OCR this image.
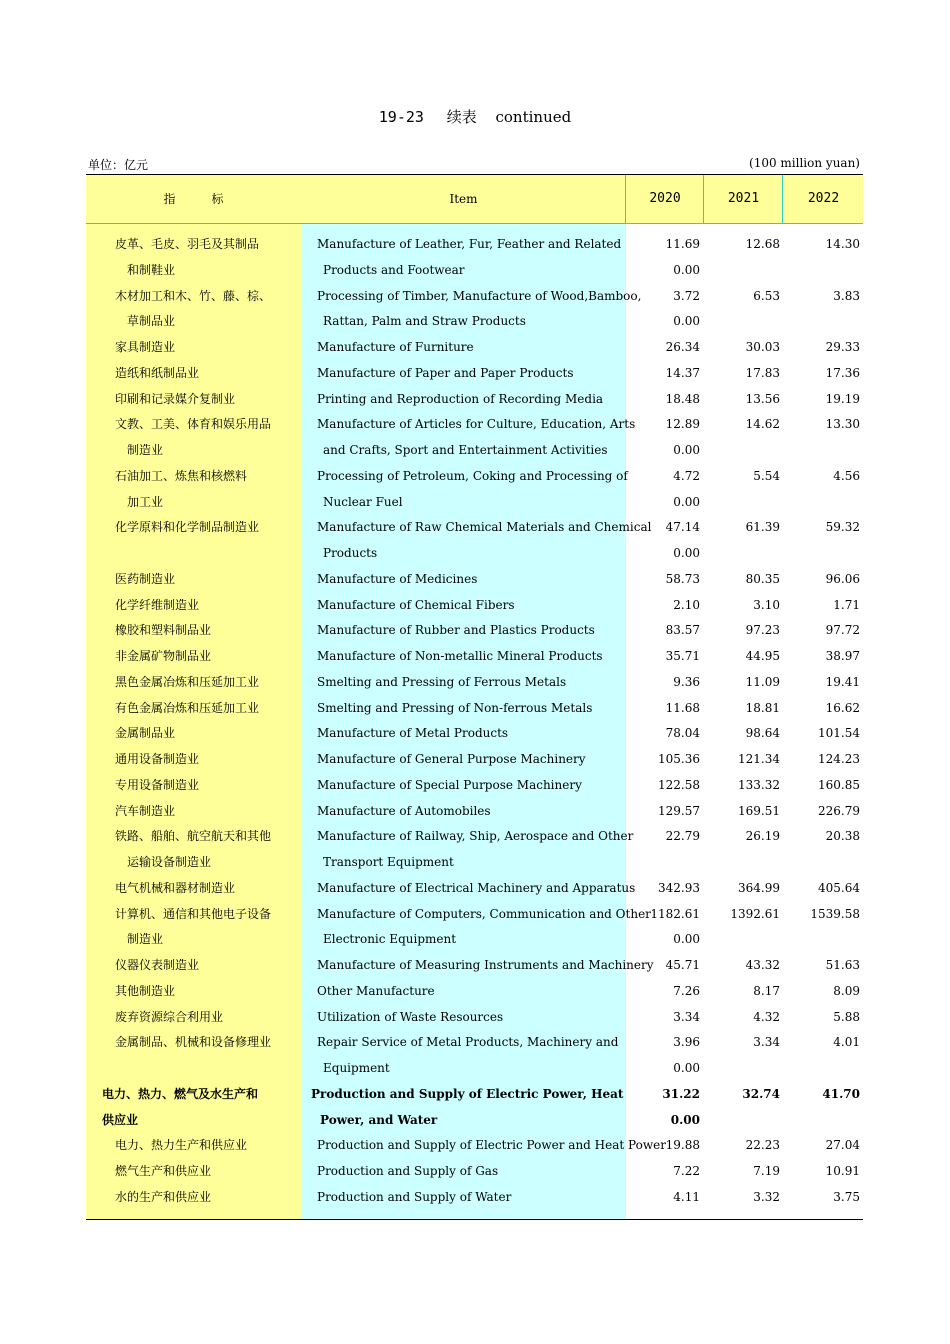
19-23 续表 continued
单位：亿元	(100 million yuan)
指　　　标	Item	2020	2021	2022
皮革、毛皮、羽毛及其制品	Manufacture of Leather, Fur, Feather and Related	11.69	12.68	14.30
和制鞋业	Products and Footwear	0.00
木材加工和木、竹、藤、棕、	Processing of Timber, Manufacture of Wood,Bamboo,	3.72	6.53	3.83
草制品业	Rattan, Palm and Straw Products	0.00
家具制造业	Manufacture of Furniture	26.34	30.03	29.33
造纸和纸制品业	Manufacture of Paper and Paper Products	14.37	17.83	17.36
印刷和记录媒介复制业	Printing and Reproduction of Recording Media	18.48	13.56	19.19
文教、工美、体育和娱乐用品	Manufacture of Articles for Culture, Education, Arts	12.89	14.62	13.30
制造业	and Crafts, Sport and Entertainment Activities	0.00
石油加工、炼焦和核燃料	Processing of Petroleum, Coking and Processing of	4.72	5.54	4.56
加工业	Nuclear Fuel	0.00
化学原料和化学制品制造业	Manufacture of Raw Chemical Materials and Chemical	47.14	61.39	59.32
Products	0.00
医药制造业	Manufacture of Medicines	58.73	80.35	96.06
化学纤维制造业	Manufacture of Chemical Fibers	2.10	3.10	1.71
橡胶和塑料制品业	Manufacture of Rubber and Plastics Products	83.57	97.23	97.72
非金属矿物制品业	Manufacture of Non-metallic Mineral Products	35.71	44.95	38.97
黑色金属冶炼和压延加工业	Smelting and Pressing of Ferrous Metals	9.36	11.09	19.41
有色金属冶炼和压延加工业	Smelting and Pressing of Non-ferrous Metals	11.68	18.81	16.62
金属制品业	Manufacture of Metal Products	78.04	98.64	101.54
通用设备制造业	Manufacture of General Purpose Machinery	105.36	121.34	124.23
专用设备制造业	Manufacture of Special Purpose Machinery	122.58	133.32	160.85
汽车制造业	Manufacture of Automobiles	129.57	169.51	226.79
铁路、船舶、航空航天和其他	Manufacture of Railway, Ship, Aerospace and Other	22.79	26.19	20.38
运输设备制造业	Transport Equipment
电气机械和器材制造业	Manufacture of Electrical Machinery and Apparatus	342.93	364.99	405.64
计算机、通信和其他电子设备	Manufacture of Computers, Communication and Other 1182.61	1392.61	1539.58
制造业	Electronic Equipment	0.00
仪器仪表制造业	Manufacture of Measuring Instruments and Machinery	45.71	43.32	51.63
其他制造业	Other Manufacture	7.26	8.17	8.09
废弃资源综合利用业	Utilization of Waste Resources	3.34	4.32	5.88
金属制品、机械和设备修理业	Repair Service of Metal Products, Machinery and	3.96	3.34	4.01
Equipment	0.00
电力、热力、燃气及水生产和	Production and Supply of Electric Power, Heat	31.22	32.74	41.70
供应业	Power, and Water	0.00
电力、热力生产和供应业	Production and Supply of Electric Power and Heat Power 19.88	22.23	27.04
燃气生产和供应业	Production and Supply of Gas	7.22	7.19	10.91
水的生产和供应业	Production and Supply of Water	4.11	3.32	3.75
